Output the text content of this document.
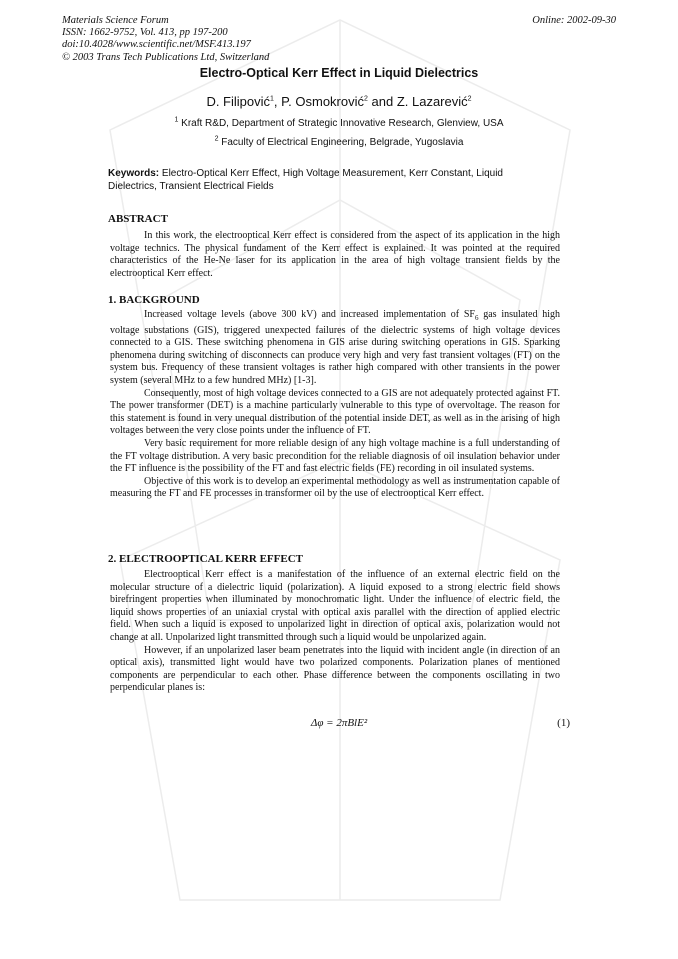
Materials Science Forum
ISSN: 1662-9752, Vol. 413, pp 197-200
doi:10.4028/www.scientific.net/MSF.413.197
© 2003 Trans Tech Publications Ltd, Switzerland
Online: 2002-09-30
Electro-Optical Kerr Effect in Liquid Dielectrics
D. Filipović$^1$, P. Osmokrović$^2$ and Z. Lazarević$^2$
$^1$ Kraft R&D, Department of Strategic Innovative Research, Glenview, USA
$^2$ Faculty of Electrical Engineering, Belgrade, Yugoslavia
Keywords: Electro-Optical Kerr Effect, High Voltage Measurement, Kerr Constant, Liquid Dielectrics, Transient Electrical Fields
ABSTRACT

In this work, the electrooptical Kerr effect is considered from the aspect of its application in the high voltage technics. The physical fundament of the Kerr effect is explained. It was pointed at the required characteristics of the He-Ne laser for its application in the area of high voltage transient fields by the electrooptical Kerr effect.

1. BACKGROUND

Increased voltage levels (above 300 kV) and increased implementation of $SF_6$ gas insulated high voltage substations (GIS), triggered unexpected failures of the dielectric systems of high voltage devices connected to a GIS. These switching phenomena in GIS arise during switching operations in GIS. Sparking phenomena during switching of disconnects can produce very high and very fast transient voltages (FT) on the system bus. Frequency of these transient voltages is rather high compared with other transients in the power system (several MHz to a few hundred MHz) [1-3].

Consequently, most of high voltage devices connected to a GIS are not adequately protected against FT. The power transformer (DET) is a machine particularly vulnerable to this type of overvoltage. The reason for this statement is found in very unequal distribution of the potential inside DET, as well as in the arising of high voltages between the very close points under the influence of FT.

Very basic requirement for more reliable design of any high voltage machine is a full understanding of the FT voltage distribution. A very basic precondition for the reliable diagnosis of oil insulation behavior under the FT influence is the possibility of the FT and fast electric fields (FE) recording in oil insulated systems.

Objective of this work is to develop an experimental methodology as well as instrumentation capable of measuring the FT and FE processes in transformer oil by the use of electrooptical Kerr effect.

2. ELECTROOPTICAL KERR EFFECT

Electrooptical Kerr effect is a manifestation of the influence of an external electric field on the molecular structure of a dielectric liquid (polarization). A liquid exposed to a strong electric field shows birefringent properties when illuminated by monochromatic light. Under the influence of electric field, the liquid shows properties of an uniaxial crystal with optical axis parallel with the direction of applied electric field. When such a liquid is exposed to unpolarized light in direction of optical axis, polarization would not change at all. Unpolarized light transmitted through such a liquid would be unpolarized again.

However, if an unpolarized laser beam penetrates into the liquid with incident angle (in direction of an optical axis), transmitted light would have two polarized components. Polarization planes of mentioned components are perpendicular to each other. Phase difference between the components oscillating in two perpendicular planes is:

Δφ = 2πBlE²	(1)
